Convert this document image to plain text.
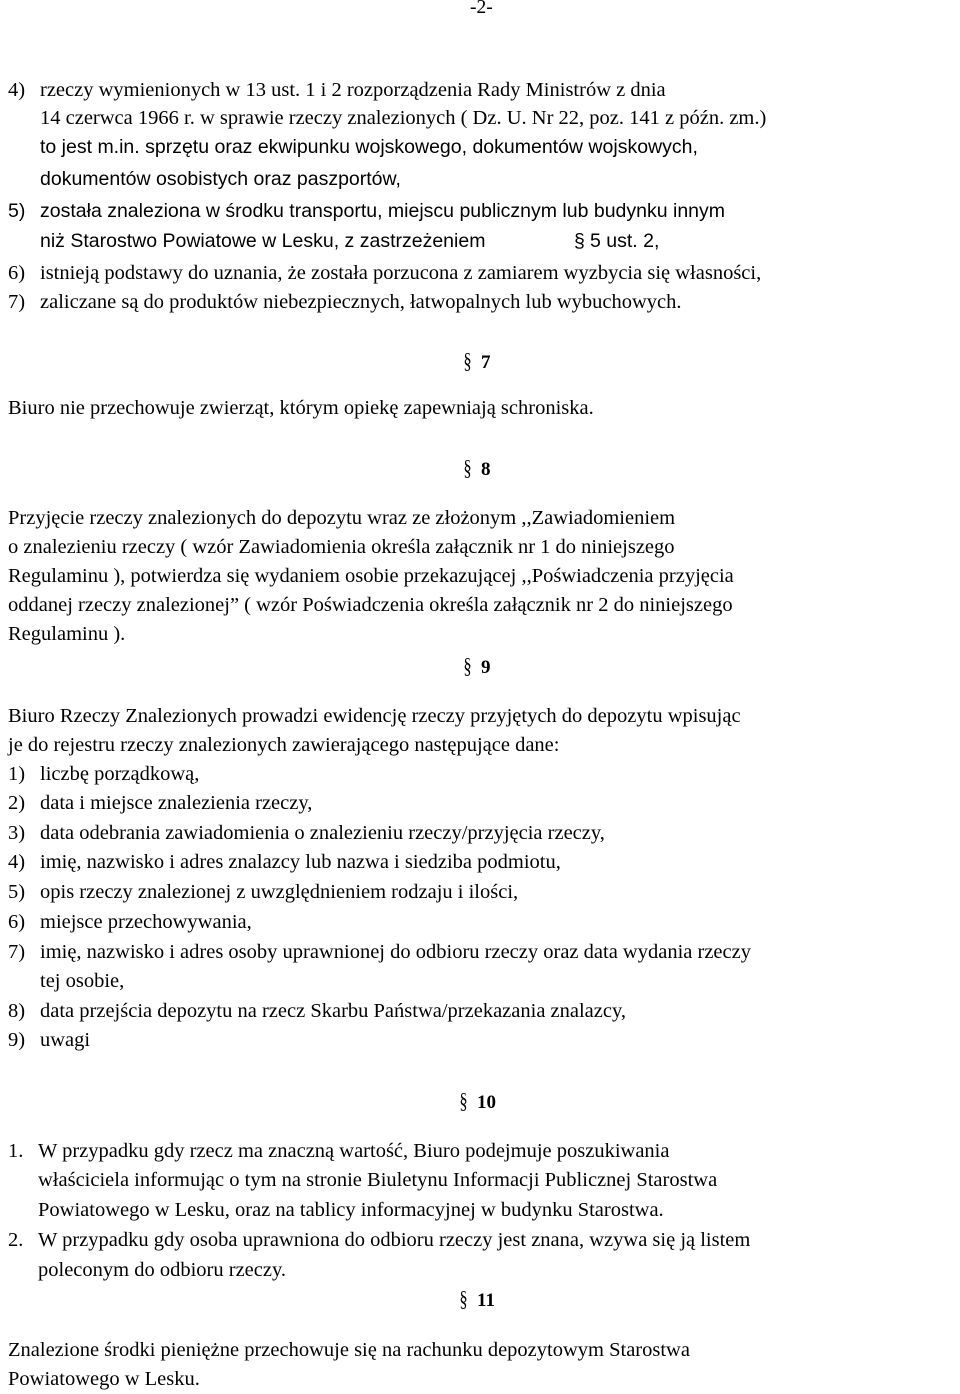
-2-
4) rzeczy wymienionych w 13 ust. 1 i 2 rozporządzenia Rady Ministrów z dnia
14 czerwca 1966 r. w sprawie rzeczy znalezionych ( Dz. U. Nr 22, poz. 141 z późn. zm.)
to jest m.in. sprzętu oraz ekwipunku wojskowego, dokumentów wojskowych,
dokumentów osobistych oraz paszportów,
5) została znaleziona w środku transportu, miejscu publicznym lub budynku innym
niż Starostwo Powiatowe w Lesku, z zastrzeżeniem	§ 5 ust. 2,
6) istnieją podstawy do uznania, że została porzucona z zamiarem wyzbycia się własności,
7) zaliczane są do produktów niebezpiecznych, łatwopalnych lub wybuchowych.
§ 7
Biuro nie przechowuje zwierząt, którym opiekę zapewniają schroniska.
§ 8
Przyjęcie rzeczy znalezionych do depozytu wraz ze złożonym ,,Zawiadomieniem
o znalezieniu rzeczy ( wzór Zawiadomienia określa załącznik nr 1 do niniejszego
Regulaminu ), potwierdza się wydaniem osobie przekazującej ,,Poświadczenia przyjęcia
oddanej rzeczy znalezionej” ( wzór Poświadczenia określa załącznik nr 2 do niniejszego
Regulaminu ).
§ 9
Biuro Rzeczy Znalezionych prowadzi ewidencję rzeczy przyjętych do depozytu wpisując
je do rejestru rzeczy znalezionych zawierającego następujące dane:
1) liczbę porządkową,
2) data i miejsce znalezienia rzeczy,
3) data odebrania zawiadomienia o znalezieniu rzeczy/przyjęcia rzeczy,
4) imię, nazwisko i adres znalazcy lub nazwa i siedziba podmiotu,
5) opis rzeczy znalezionej z uwzględnieniem rodzaju i ilości,
6) miejsce przechowywania,
7) imię, nazwisko i adres osoby uprawnionej do odbioru rzeczy oraz data wydania rzeczy
tej osobie,
8) data przejścia depozytu na rzecz Skarbu Państwa/przekazania znalazcy,
9) uwagi
§ 10
1. W przypadku gdy rzecz ma znaczną wartość, Biuro podejmuje poszukiwania
właściciela informując o tym na stronie Biuletynu Informacji Publicznej Starostwa
Powiatowego w Lesku, oraz na tablicy informacyjnej w budynku Starostwa.
2. W przypadku gdy osoba uprawniona do odbioru rzeczy jest znana, wzywa się ją listem
poleconym do odbioru rzeczy.
§ 11
Znalezione środki pieniężne przechowuje się na rachunku depozytowym Starostwa
Powiatowego w Lesku.
